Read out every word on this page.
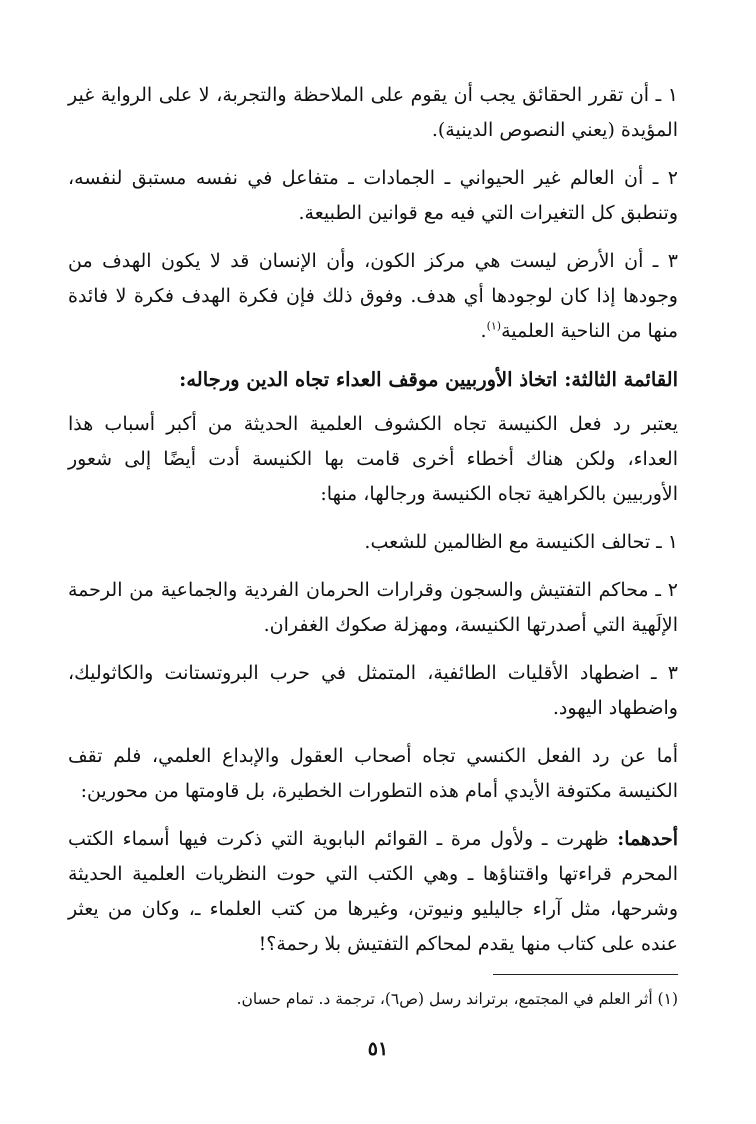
١ ـ أن تقرر الحقائق يجب أن يقوم على الملاحظة والتجربة، لا على الرواية غير المؤيدة (يعني النصوص الدينية).

٢ ـ أن العالم غير الحيواني ـ الجمادات ـ متفاعل في نفسه مستبق لنفسه، وتنطبق كل التغيرات التي فيه مع قوانين الطبيعة.

٣ ـ أن الأرض ليست هي مركز الكون، وأن الإنسان قد لا يكون الهدف من وجودها إذا كان لوجودها أي هدف. وفوق ذلك فإن فكرة الهدف فكرة لا فائدة منها من الناحية العلمية$^{(١)}$.

القائمة الثالثة: اتخاذ الأوربيين موقف العداء تجاه الدين ورجاله:

يعتبر رد فعل الكنيسة تجاه الكشوف العلمية الحديثة من أكبر أسباب هذا العداء، ولكن هناك أخطاء أخرى قامت بها الكنيسة أدت أيضًا إلى شعور الأوربيين بالكراهية تجاه الكنيسة ورجالها، منها:

١ ـ تحالف الكنيسة مع الظالمين للشعب.

٢ ـ محاكم التفتيش والسجون وقرارات الحرمان الفردية والجماعية من الرحمة الإلَهية التي أصدرتها الكنيسة، ومهزلة صكوك الغفران.

٣ ـ اضطهاد الأقليات الطائفية، المتمثل في حرب البروتستانت والكاثوليك، واضطهاد اليهود.

أما عن رد الفعل الكنسي تجاه أصحاب العقول والإبداع العلمي، فلم تقف الكنيسة مكتوفة الأيدي أمام هذه التطورات الخطيرة، بل قاومتها من محورين:

أحدهما: ظهرت ـ ولأول مرة ـ القوائم البابوية التي ذكرت فيها أسماء الكتب المحرم قراءتها واقتناؤها ـ وهي الكتب التي حوت النظريات العلمية الحديثة وشرحها، مثل آراء جاليليو ونيوتن، وغيرها من كتب العلماء ـ، وكان من يعثر عنده على كتاب منها يقدم لمحاكم التفتيش بلا رحمة؟!

(١) أثر العلم في المجتمع، برتراند رسل (ص٦)، ترجمة د. تمام حسان.
٥١
